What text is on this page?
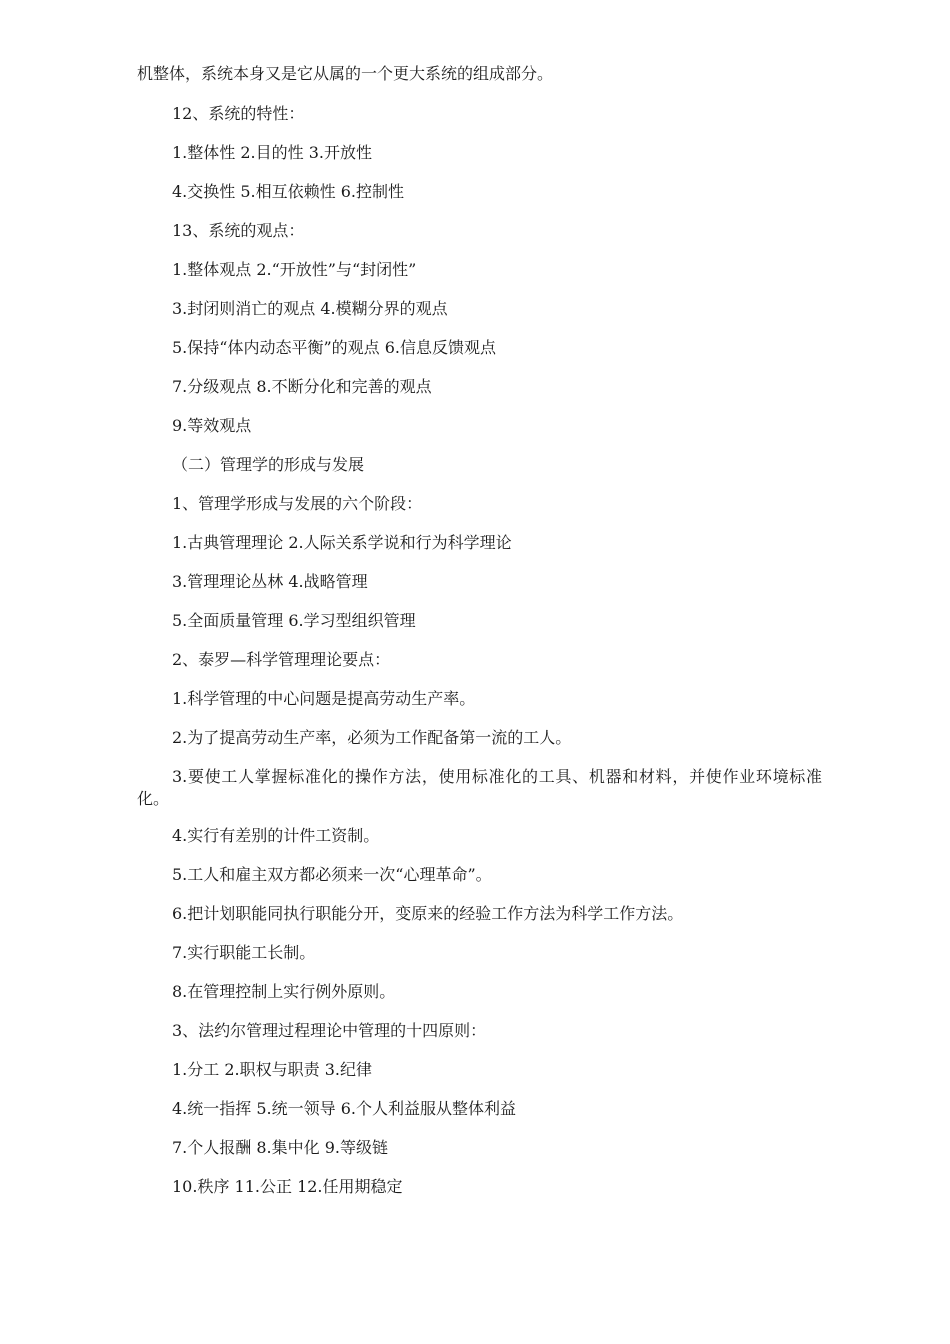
机整体，系统本身又是它从属的一个更大系统的组成部分。

12、系统的特性：

1.整体性 2.目的性 3.开放性

4.交换性 5.相互依赖性 6.控制性

13、系统的观点：

1.整体观点 2.“开放性”与“封闭性”

3.封闭则消亡的观点 4.模糊分界的观点

5.保持“体内动态平衡”的观点 6.信息反馈观点

7.分级观点 8.不断分化和完善的观点

9.等效观点

（二）管理学的形成与发展

1、管理学形成与发展的六个阶段：

1.古典管理理论 2.人际关系学说和行为科学理论

3.管理理论丛林 4.战略管理

5.全面质量管理 6.学习型组织管理

2、泰罗—科学管理理论要点：

1.科学管理的中心问题是提高劳动生产率。

2.为了提高劳动生产率，必须为工作配备第一流的工人。

3.要使工人掌握标准化的操作方法，使用标准化的工具、机器和材料，并使作业环境标准化。

4.实行有差别的计件工资制。

5.工人和雇主双方都必须来一次“心理革命”。

6.把计划职能同执行职能分开，变原来的经验工作方法为科学工作方法。

7.实行职能工长制。

8.在管理控制上实行例外原则。

3、法约尔管理过程理论中管理的十四原则：

1.分工 2.职权与职责 3.纪律

4.统一指挥 5.统一领导 6.个人利益服从整体利益

7.个人报酬 8.集中化 9.等级链

10.秩序 11.公正 12.任用期稳定
